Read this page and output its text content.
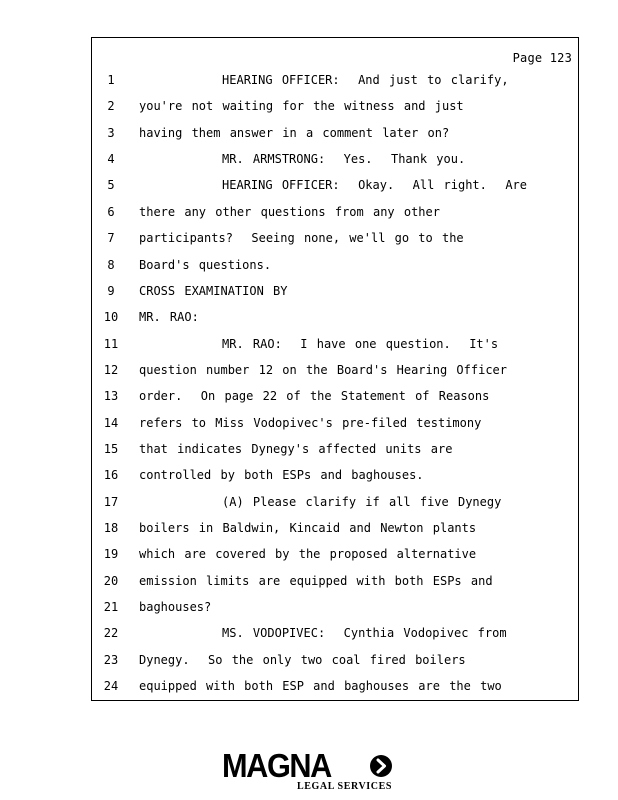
Page 123
1	HEARING OFFICER:  And just to clarify,
2	you're not waiting for the witness and just
3	having them answer in a comment later on?
4	MR. ARMSTRONG:  Yes.  Thank you.
5	HEARING OFFICER:  Okay.  All right.  Are
6	there any other questions from any other
7	participants?  Seeing none, we'll go to the
8	Board's questions.
9	CROSS EXAMINATION BY
10	MR. RAO:
11	MR. RAO:  I have one question.  It's
12	question number 12 on the Board's Hearing Officer
13	order.  On page 22 of the Statement of Reasons
14	refers to Miss Vodopivec's pre-filed testimony
15	that indicates Dynegy's affected units are
16	controlled by both ESPs and baghouses.
17	(A) Please clarify if all five Dynegy
18	boilers in Baldwin, Kincaid and Newton plants
19	which are covered by the proposed alternative
20	emission limits are equipped with both ESPs and
21	baghouses?
22	MS. VODOPIVEC:  Cynthia Vodopivec from
23	Dynegy.  So the only two coal fired boilers
24	equipped with both ESP and baghouses are the two
MAGNA
LEGAL SERVICES
